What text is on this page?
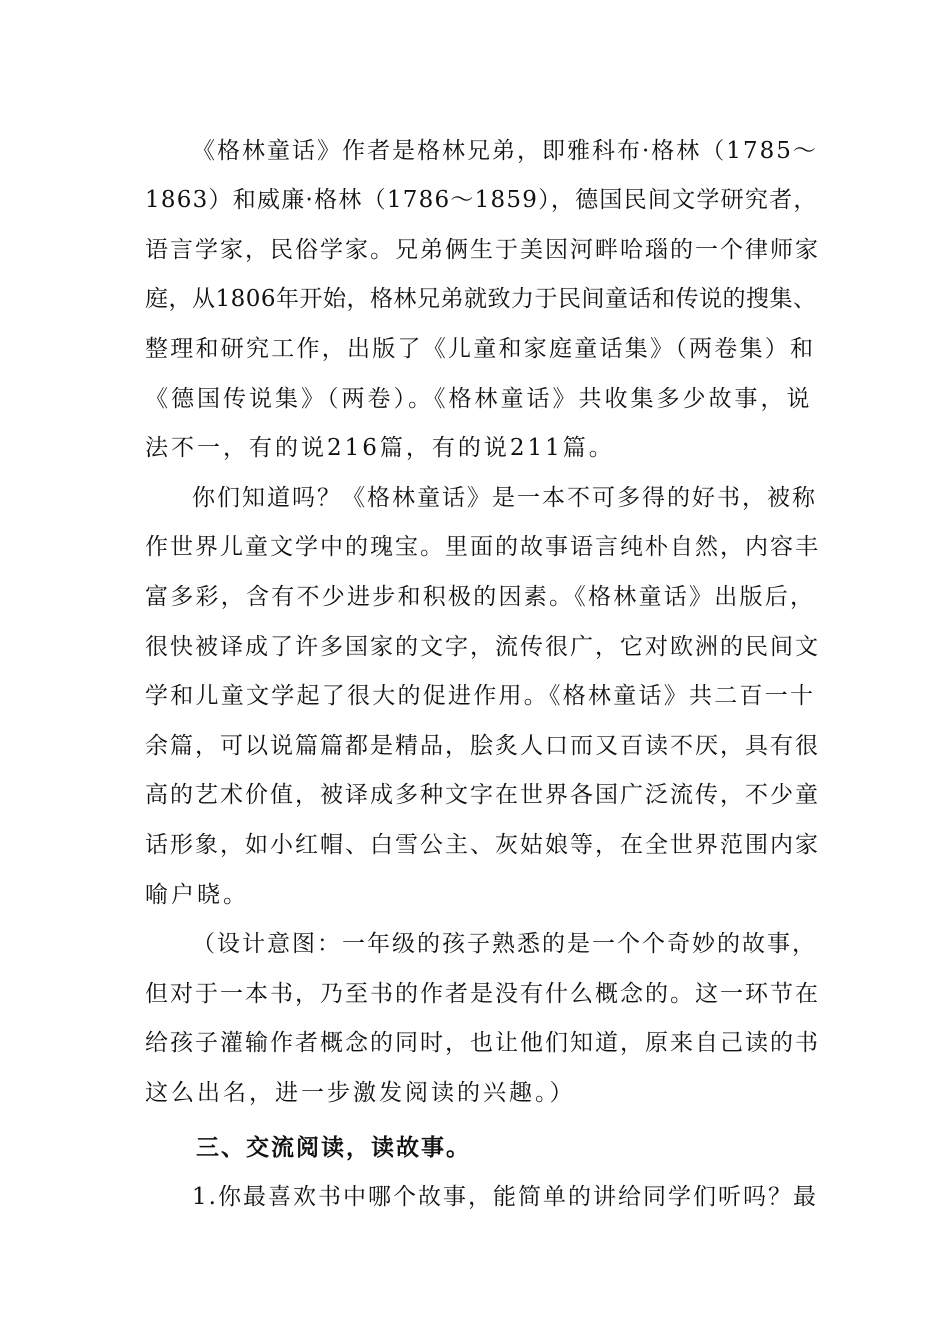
《格林童话》作者是格林兄弟，即雅科布·格林（1785～
1863）和威廉·格林（1786～1859），德国民间文学研究者，
语言学家，民俗学家。兄弟俩生于美因河畔哈瑙的一个律师家
庭，从1806年开始，格林兄弟就致力于民间童话和传说的搜集、
整理和研究工作，出版了《儿童和家庭童话集》（两卷集）和
《德国传说集》（两卷）。《格林童话》共收集多少故事，说
法不一，有的说216篇，有的说211篇。
你们知道吗？《格林童话》是一本不可多得的好书，被称
作世界儿童文学中的瑰宝。里面的故事语言纯朴自然，内容丰
富多彩，含有不少进步和积极的因素。《格林童话》出版后，
很快被译成了许多国家的文字，流传很广，它对欧洲的民间文
学和儿童文学起了很大的促进作用。《格林童话》共二百一十
余篇，可以说篇篇都是精品，脍炙人口而又百读不厌，具有很
高的艺术价值，被译成多种文字在世界各国广泛流传，不少童
话形象，如小红帽、白雪公主、灰姑娘等，在全世界范围内家
喻户晓。
（设计意图：一年级的孩子熟悉的是一个个奇妙的故事，
但对于一本书，乃至书的作者是没有什么概念的。这一环节在
给孩子灌输作者概念的同时，也让他们知道，原来自己读的书
这么出名，进一步激发阅读的兴趣。）
三、交流阅读，读故事。
1.你最喜欢书中哪个故事，能简单的讲给同学们听吗？最
